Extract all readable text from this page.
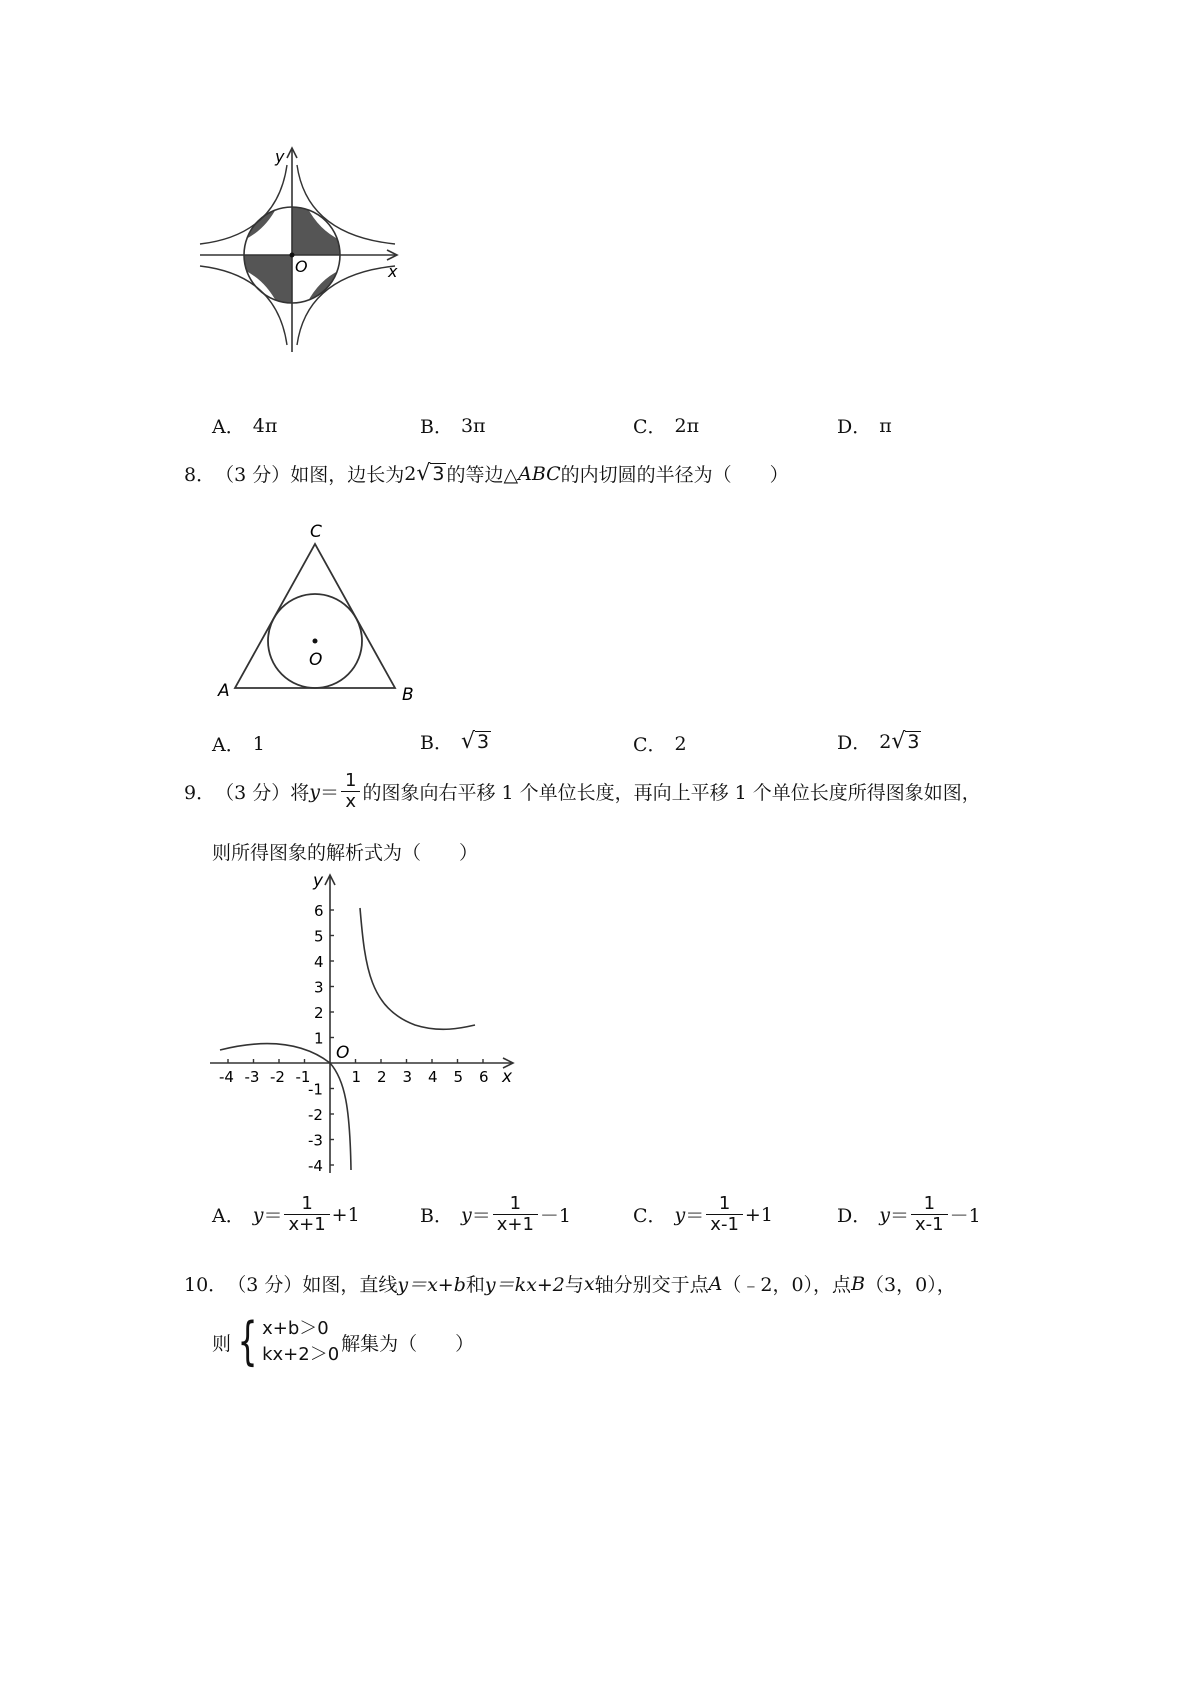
y
x
O
A． 4π	B． 3π	C． 2π	D． π
8． （3 分） 如图，边长为 2 √ 3 的等边△ ABC 的内切圆的半径为（　　）
A	B
C
O
A． 1	B． √ 3	C． 2	D． 2 √ 3
9． （3 分） 将 $y = \frac{1}{x}$ 的图象向右平移 1 个单位长度，再向上平移 1 个单位长度所得图象如图，
则所得图象的解析式为（　　）
-4 -3 -2 -1	1 2 3 4 5 6
6
5
4
3
2
1
-1
-2
-3
-4
y
x
O
A． $y = \frac{1}{x+1} +1$	B． $y = \frac{1}{x+1} -1$	C． $y = \frac{1}{x-1} +1$	D． $y = \frac{1}{x-1} -1$
10． （3 分） 如图，直线 y＝x+b 和 y＝kx+2 与 x 轴分别交于点 A （﹣2，0），点 B （3，0），
则 { x+b＞0
kx+2＞0 解集为（　　）
